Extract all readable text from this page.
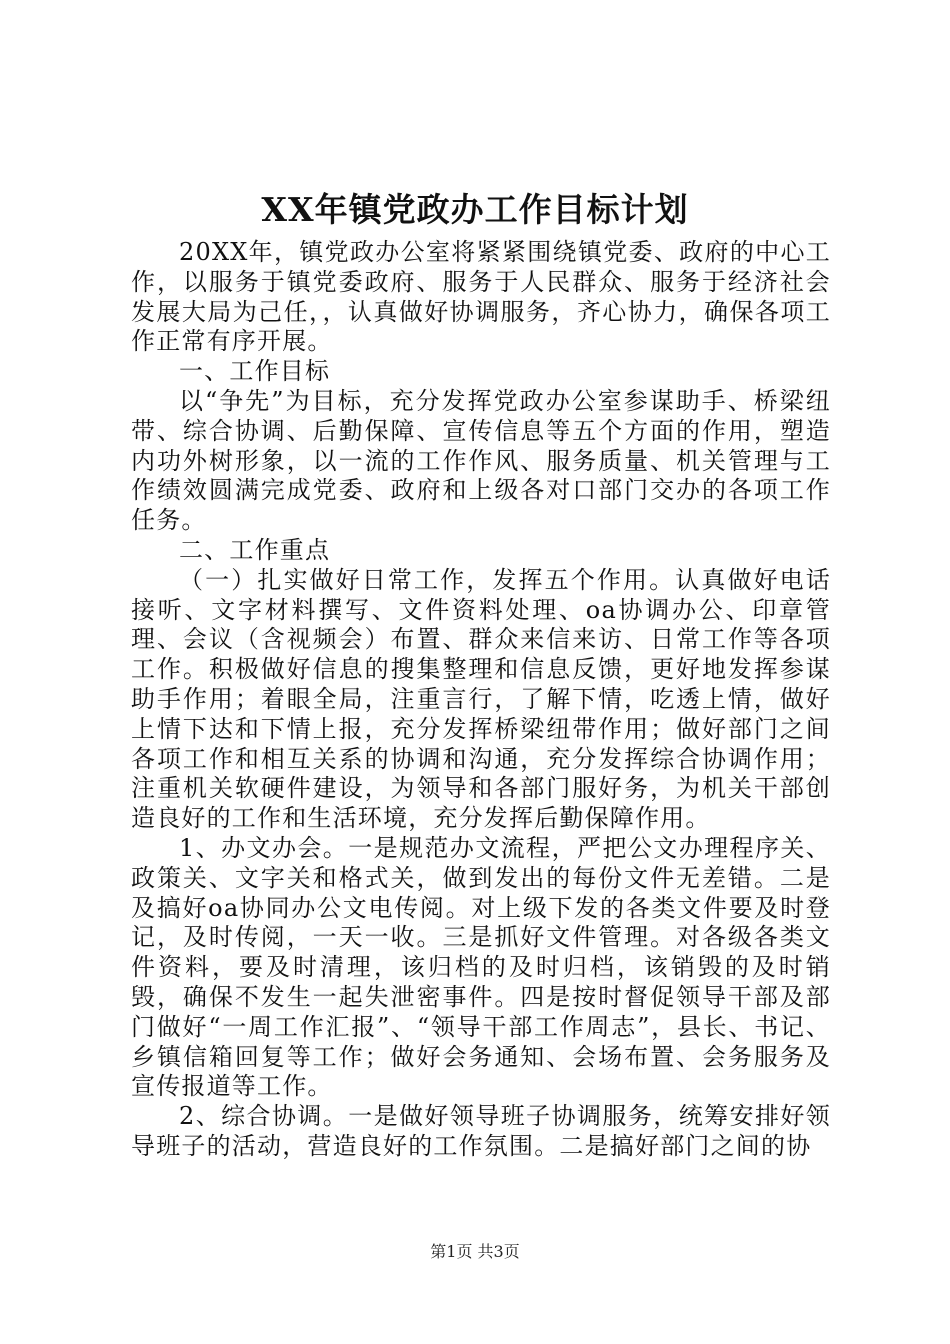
XX年镇党政办工作目标计划

20XX年，镇党政办公室将紧紧围绕镇党委、政府的中心工作，以服务于镇党委政府、服务于人民群众、服务于经济社会发展大局为己任，，认真做好协调服务，齐心协力，确保各项工作正常有序开展。

一、工作目标

以“争先”为目标，充分发挥党政办公室参谋助手、桥梁纽带、综合协调、后勤保障、宣传信息等五个方面的作用，塑造内功外树形象，以一流的工作作风、服务质量、机关管理与工作绩效圆满完成党委、政府和上级各对口部门交办的各项工作任务。

二、工作重点

（一）扎实做好日常工作，发挥五个作用。认真做好电话接听、文字材料撰写、文件资料处理、oa协调办公、印章管理、会议（含视频会）布置、群众来信来访、日常工作等各项工作。积极做好信息的搜集整理和信息反馈，更好地发挥参谋助手作用；着眼全局，注重言行，了解下情，吃透上情，做好上情下达和下情上报，充分发挥桥梁纽带作用；做好部门之间各项工作和相互关系的协调和沟通，充分发挥综合协调作用；注重机关软硬件建设，为领导和各部门服好务，为机关干部创造良好的工作和生活环境，充分发挥后勤保障作用。

1、办文办会。一是规范办文流程，严把公文办理程序关、政策关、文字关和格式关，做到发出的每份文件无差错。二是及搞好oa协同办公文电传阅。对上级下发的各类文件要及时登记，及时传阅，一天一收。三是抓好文件管理。对各级各类文件资料，要及时清理，该归档的及时归档，该销毁的及时销毁，确保不发生一起失泄密事件。四是按时督促领导干部及部门做好“一周工作汇报”、“领导干部工作周志”，县长、书记、乡镇信箱回复等工作；做好会务通知、会场布置、会务服务及宣传报道等工作。

2、综合协调。一是做好领导班子协调服务，统筹安排好领导班子的活动，营造良好的工作氛围。二是搞好部门之间的协

第1页 共3页
